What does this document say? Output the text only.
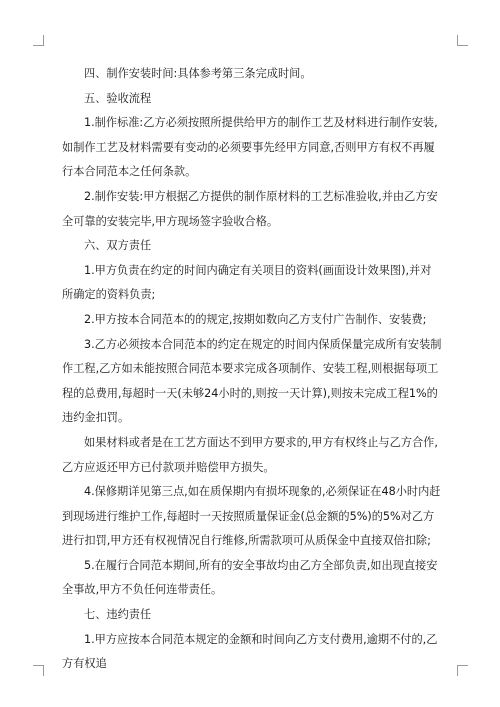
四、制作安装时间:具体参考第三条完成时间。

五、验收流程

1.制作标准:乙方必须按照所提供给甲方的制作工艺及材料进行制作安装,如制作工艺及材料需要有变动的必须要事先经甲方同意,否则甲方有权不再履行本合同范本之任何条款。

2.制作安装:甲方根据乙方提供的制作原材料的工艺标准验收,并由乙方安全可靠的安装完毕,甲方现场签字验收合格。

六、双方责任

1.甲方负责在约定的时间内确定有关项目的资料(画面设计效果图),并对所确定的资料负责;

2.甲方按本合同范本的的规定,按期如数向乙方支付广告制作、安装费;

3.乙方必须按本合同范本的约定在规定的时间内保质保量完成所有安装制作工程,乙方如未能按照合同范本要求完成各项制作、安装工程,则根据每项工程的总费用,每超时一天(未够24小时的,则按一天计算),则按未完成工程1%的违约金扣罚。

如果材料或者是在工艺方面达不到甲方要求的,甲方有权终止与乙方合作,乙方应返还甲方已付款项并赔偿甲方损失。

4.保修期详见第三点,如在质保期内有损坏现象的,必须保证在48小时内赶到现场进行维护工作,每超时一天按照质量保证金(总金额的5%)的5%对乙方进行扣罚,甲方还有权视情况自行维修,所需款项可从质保金中直接双倍扣除;

5.在履行合同范本期间,所有的安全事故均由乙方全部负责,如出现直接安全事故,甲方不负任何连带责任。

七、违约责任

1.甲方应按本合同范本规定的金额和时间向乙方支付费用,逾期不付的,乙方有权追
